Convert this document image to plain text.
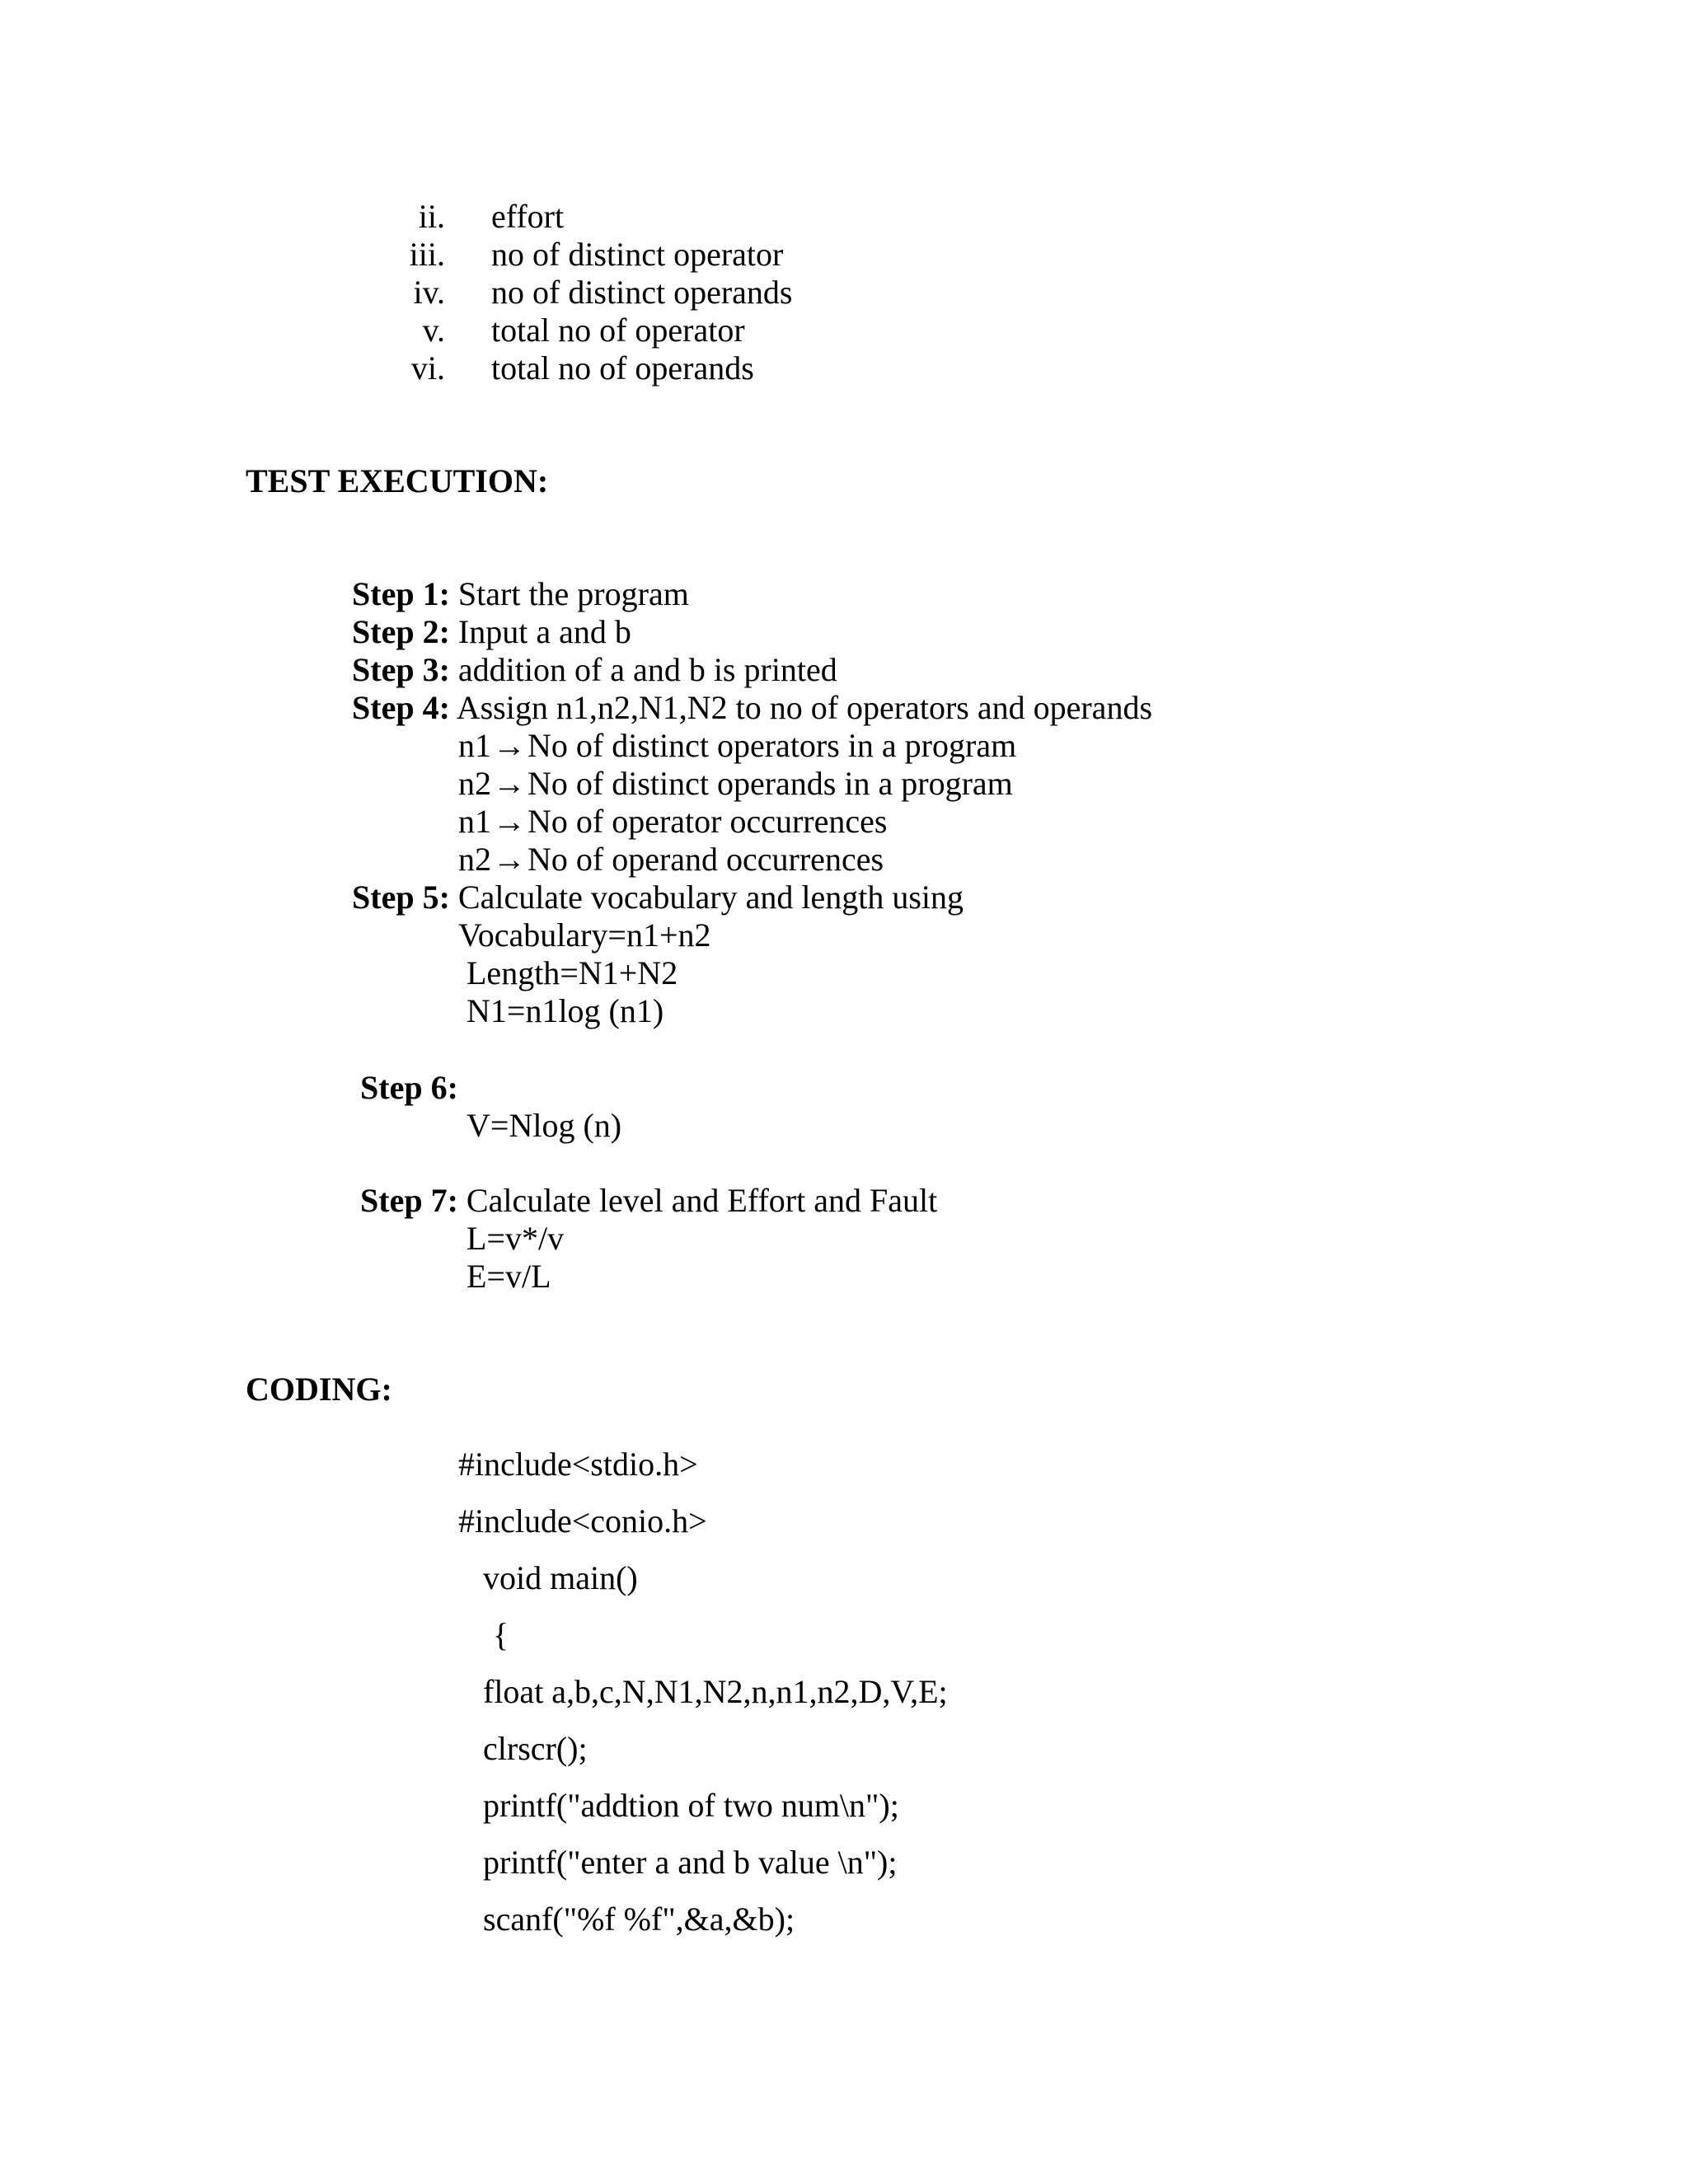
ii. effort
iii. no of distinct operator
iv. no of distinct operands
v. total no of operator
vi. total no of operands
TEST EXECUTION:
Step 1: Start the program
Step 2: Input a and b
Step 3: addition of a and b is printed
Step 4: Assign n1,n2,N1,N2 to no of operators and operands
n1→No of distinct operators in a program
n2→No of distinct operands in a program
n1→No of operator occurrences
n2→No of operand occurrences
Step 5: Calculate vocabulary and length using
Vocabulary=n1+n2
Length=N1+N2
N1=n1log (n1)
Step 6:
V=Nlog (n)
Step 7: Calculate level and Effort and Fault
L=v*/v
E=v/L
CODING:
#include<stdio.h>
#include<conio.h>
void main()
{
float a,b,c,N,N1,N2,n,n1,n2,D,V,E;
clrscr();
printf("addtion of two num\n");
printf("enter a and b value \n");
scanf("%f %f",&a,&b);
